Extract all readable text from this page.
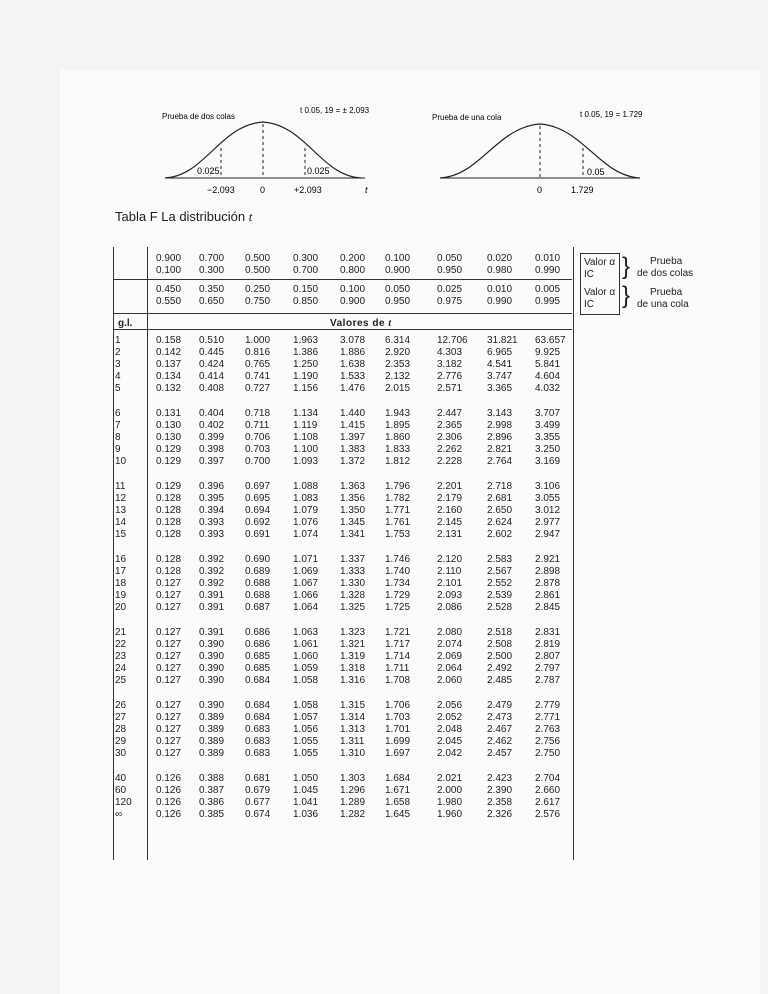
Prueba de dos colas
t 0.05, 19 = ± 2.093
0.025	0.025
−2.093	0	+2.093	t
Prueba de una cola	t 0.05, 19 = 1.729
0.05
0	1.729
Tabla F La distribución t
0.900 0.700 0.500 0.300 0.200 0.100	0.050 0.020 0.010
0.100 0.300 0.500 0.700 0.800 0.900	0.950 0.980 0.990
0.450 0.350 0.250 0.150 0.100 0.050	0.025 0.010 0.005
0.550 0.650 0.750 0.850 0.900 0.950	0.975 0.990 0.995
1	0.158 0.510 1.000 1.963 3.078 6.314	12.706 31.821 63.657
2	0.142 0.445 0.816 1.386 1.886 2.920	4.303 6.965 9.925
3	0.137 0.424 0.765 1.250 1.638 2.353	3.182 4.541 5.841
4	0.134 0.414 0.741 1.190 1.533 2.132	2.776 3.747 4.604
5	0.132 0.408 0.727 1.156 1.476 2.015	2.571 3.365 4.032
6	0.131 0.404 0.718 1.134 1.440 1.943	2.447 3.143 3.707
7	0.130 0.402 0.711 1.119 1.415 1.895	2.365 2.998 3.499
8	0.130 0.399 0.706 1.108 1.397 1.860	2.306 2.896 3.355
9	0.129 0.398 0.703 1.100 1.383 1.833	2.262 2.821 3.250
10	0.129 0.397 0.700 1.093 1.372 1.812	2.228 2.764 3.169
11	0.129 0.396 0.697 1.088 1.363 1.796	2.201 2.718 3.106
12	0.128 0.395 0.695 1.083 1.356 1.782	2.179 2.681 3.055
13	0.128 0.394 0.694 1.079 1.350 1.771	2.160 2.650 3.012
14	0.128 0.393 0.692 1.076 1.345 1.761	2.145 2.624 2.977
15	0.128 0.393 0.691 1.074 1.341 1.753	2.131 2.602 2.947
16	0.128 0.392 0.690 1.071 1.337 1.746	2.120 2.583 2.921
17	0.128 0.392 0.689 1.069 1.333 1.740	2.110	2.567 2.898
18	0.127 0.392 0.688 1.067 1.330 1.734	2.101 2.552 2.878
19	0.127 0.391 0.688 1.066 1.328 1.729	2.093 2.539 2.861
20	0.127 0.391 0.687 1.064 1.325 1.725	2.086 2.528 2.845
21	0.127 0.391 0.686 1.063 1.323 1.721	2.080 2.518 2.831
22	0.127 0.390 0.686 1.061 1.321 1.717	2.074 2.508 2.819
23	0.127 0.390 0.685 1.060 1.319 1.714	2.069 2.500 2.807
24	0.127 0.390 0.685 1.059 1.318 1.711	2.064 2.492 2.797
25	0.127 0.390 0.684 1.058 1.316 1.708	2.060 2.485 2.787
26	0.127 0.390 0.684 1.058 1.315 1.706	2.056 2.479 2.779
27	0.127 0.389 0.684 1.057 1.314 1.703	2.052 2.473 2.771
28	0.127 0.389 0.683 1.056 1.313 1.701	2.048 2.467 2.763
29	0.127 0.389 0.683 1.055 1.311 1.699	2.045 2.462 2.756
30	0.127 0.389 0.683 1.055 1.310 1.697	2.042 2.457 2.750
40	0.126 0.388 0.681 1.050 1.303 1.684	2.021 2.423 2.704
60	0.126 0.387 0.679 1.045 1.296 1.671	2.000 2.390 2.660
120 0.126 0.386 0.677 1.041 1.289 1.658	1.980 2.358 2.617
∞	0.126 0.385 0.674 1.036 1.282 1.645	1.960 2.326 2.576
Valor α
IC
Valor α
IC
}
}
Prueba
de dos colas
Prueba
de una cola
g.l.	Valores de t
